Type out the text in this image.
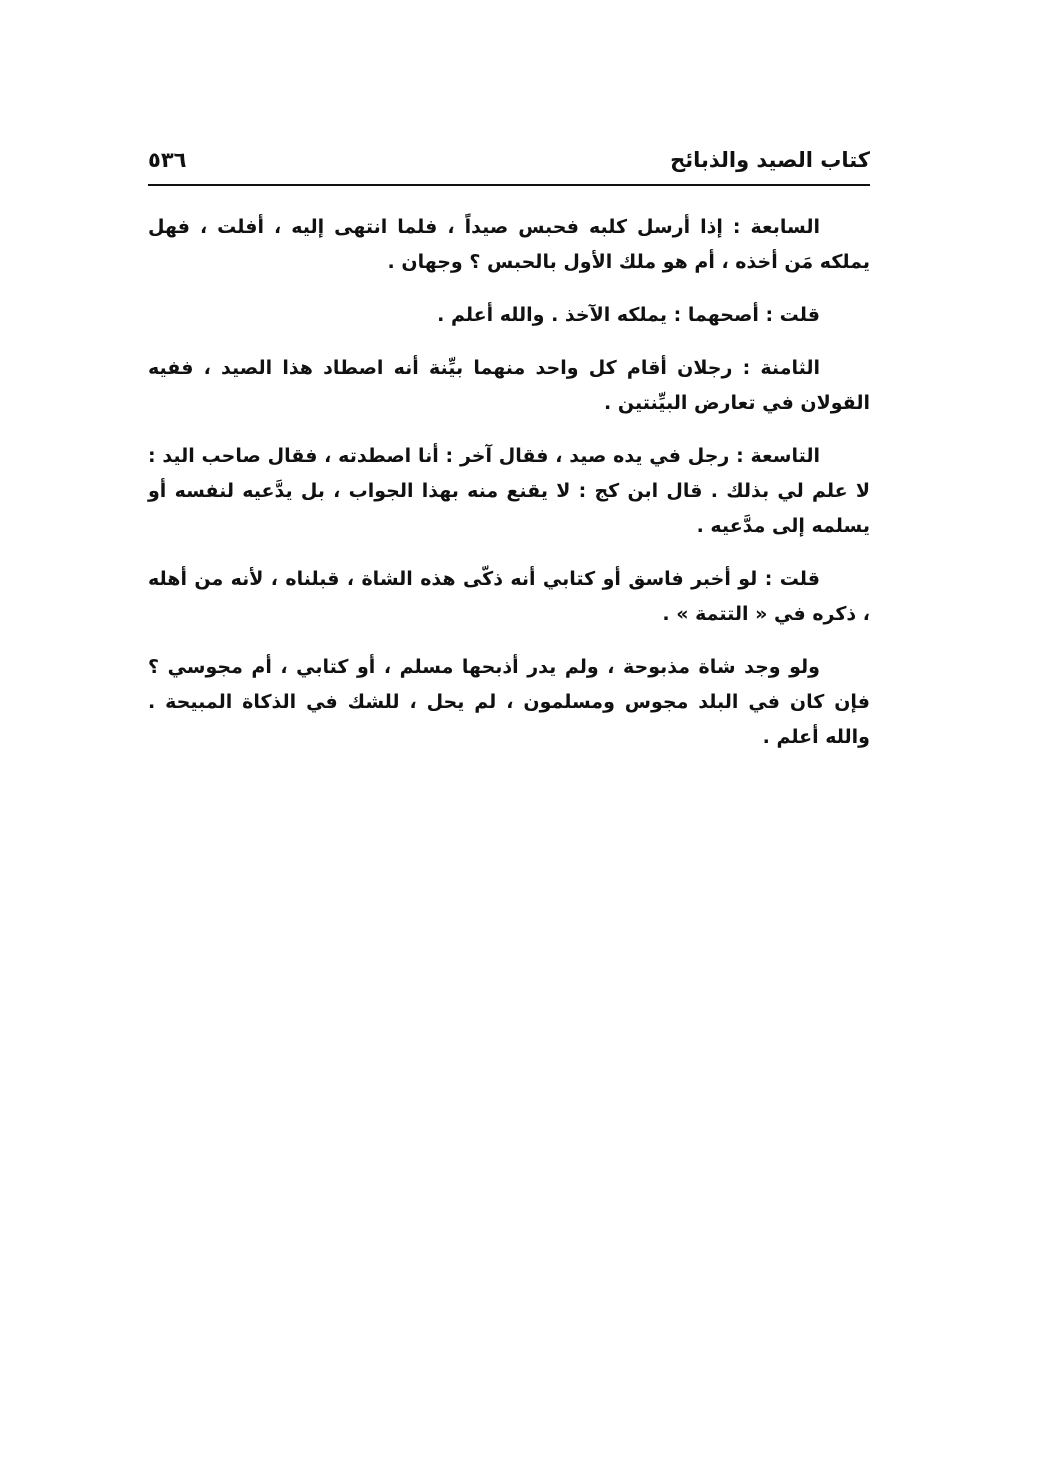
كتاب الصيد والذبائح
٥٣٦

السابعة : إذا أرسل كلبه فحبس صيداً ، فلما انتهى إليه ، أفلت ، فهل يملكه مَن أخذه ، أم هو ملك الأول بالحبس ؟ وجهان .

قلت : أصحهما : يملكه الآخذ . والله أعلم .

الثامنة : رجلان أقام كل واحد منهما بيِّنة أنه اصطاد هذا الصيد ، ففيه القولان في تعارض البيِّنتين .

التاسعة : رجل في يده صيد ، فقال آخر : أنا اصطدته ، فقال صاحب اليد : لا علم لي بذلك . قال ابن كج : لا يقنع منه بهذا الجواب ، بل يدَّعيه لنفسه أو يسلمه إلى مدَّعيه .

قلت : لو أخبر فاسق أو كتابي أنه ذكّى هذه الشاة ، قبلناه ، لأنه من أهله ، ذكره في « التتمة » .

ولو وجد شاة مذبوحة ، ولم يدر أذبحها مسلم ، أو كتابي ، أم مجوسي ؟ فإن كان في البلد مجوس ومسلمون ، لم يحل ، للشك في الذكاة المبيحة . والله أعلم .
